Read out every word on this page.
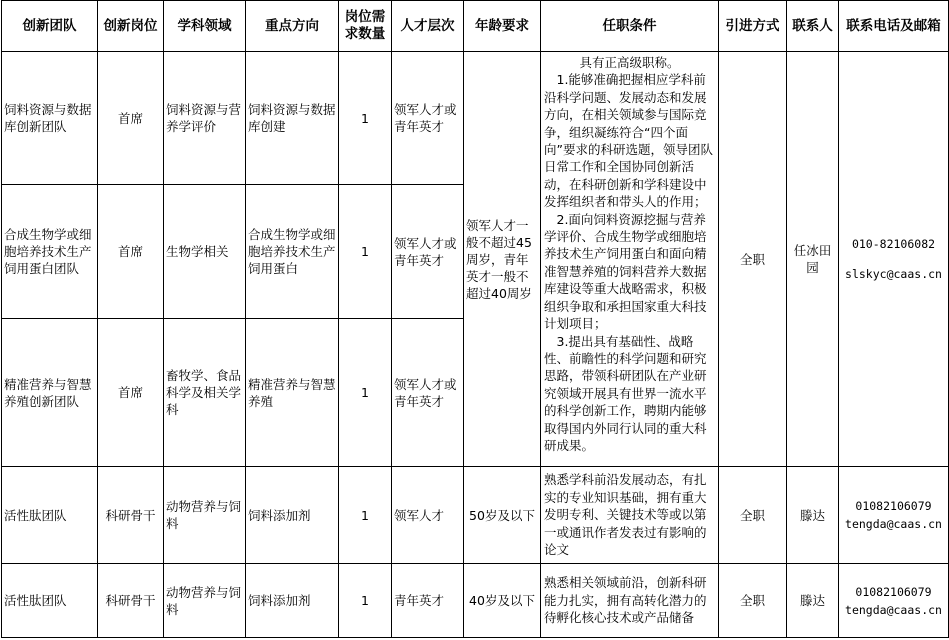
创新团队	创新岗位	学科领域	重点方向	岗位需求数量	人才层次	年龄要求	任职条件	引进方式	联系人	联系电话及邮箱
饲料资源与数据库创新团队	首席	饲料资源与营养学评价	饲料资源与数据库创建	1	领军人才或青年英才	领军人才一般不超过45周岁，青年英才一般不超过40周岁	具有正高级职称。
1.能够准确把握相应学科前沿科学问题、发展动态和发展方向，在相关领域参与国际竞争，组织凝练符合“四个面向”要求的科研选题，领导团队日常工作和全国协同创新活动，在科研创新和学科建设中发挥组织者和带头人的作用；
2.面向饲料资源挖掘与营养学评价、合成生物学或细胞培养技术生产饲用蛋白和面向精准智慧养殖的饲料营养大数据库建设等重大战略需求，积极组织争取和承担国家重大科技计划项目；
3.提出具有基础性、战略性、前瞻性的科学问题和研究思路，带领科研团队在产业研究领域开展具有世界一流水平的科学创新工作，聘期内能够取得国内外同行认同的重大科研成果。	全职	任冰田园	010-82106082
slskyc@caas.cn

合成生物学或细胞培养技术生产饲用蛋白团队	首席	生物学相关	合成生物学或细胞培养技术生产饲用蛋白	1	领军人才或青年英才					
精准营养与智慧养殖创新团队	首席	畜牧学、食品科学及相关学科	精准营养与智慧养殖	1	领军人才或青年英才					
活性肽团队	科研骨干	动物营养与饲料	饲料添加剂	1	领军人才	50岁及以下	熟悉学科前沿发展动态，有扎实的专业知识基础，拥有重大发明专利、关键技术等或以第一或通讯作者发表过有影响的论文	全职	滕达	01082106079
tengda@caas.cn

活性肽团队	科研骨干	动物营养与饲料	饲料添加剂	1	青年英才	40岁及以下	熟悉相关领域前沿，创新科研能力扎实，拥有高转化潜力的待孵化核心技术或产品储备	全职	滕达	01082106079
tengda@caas.cn
